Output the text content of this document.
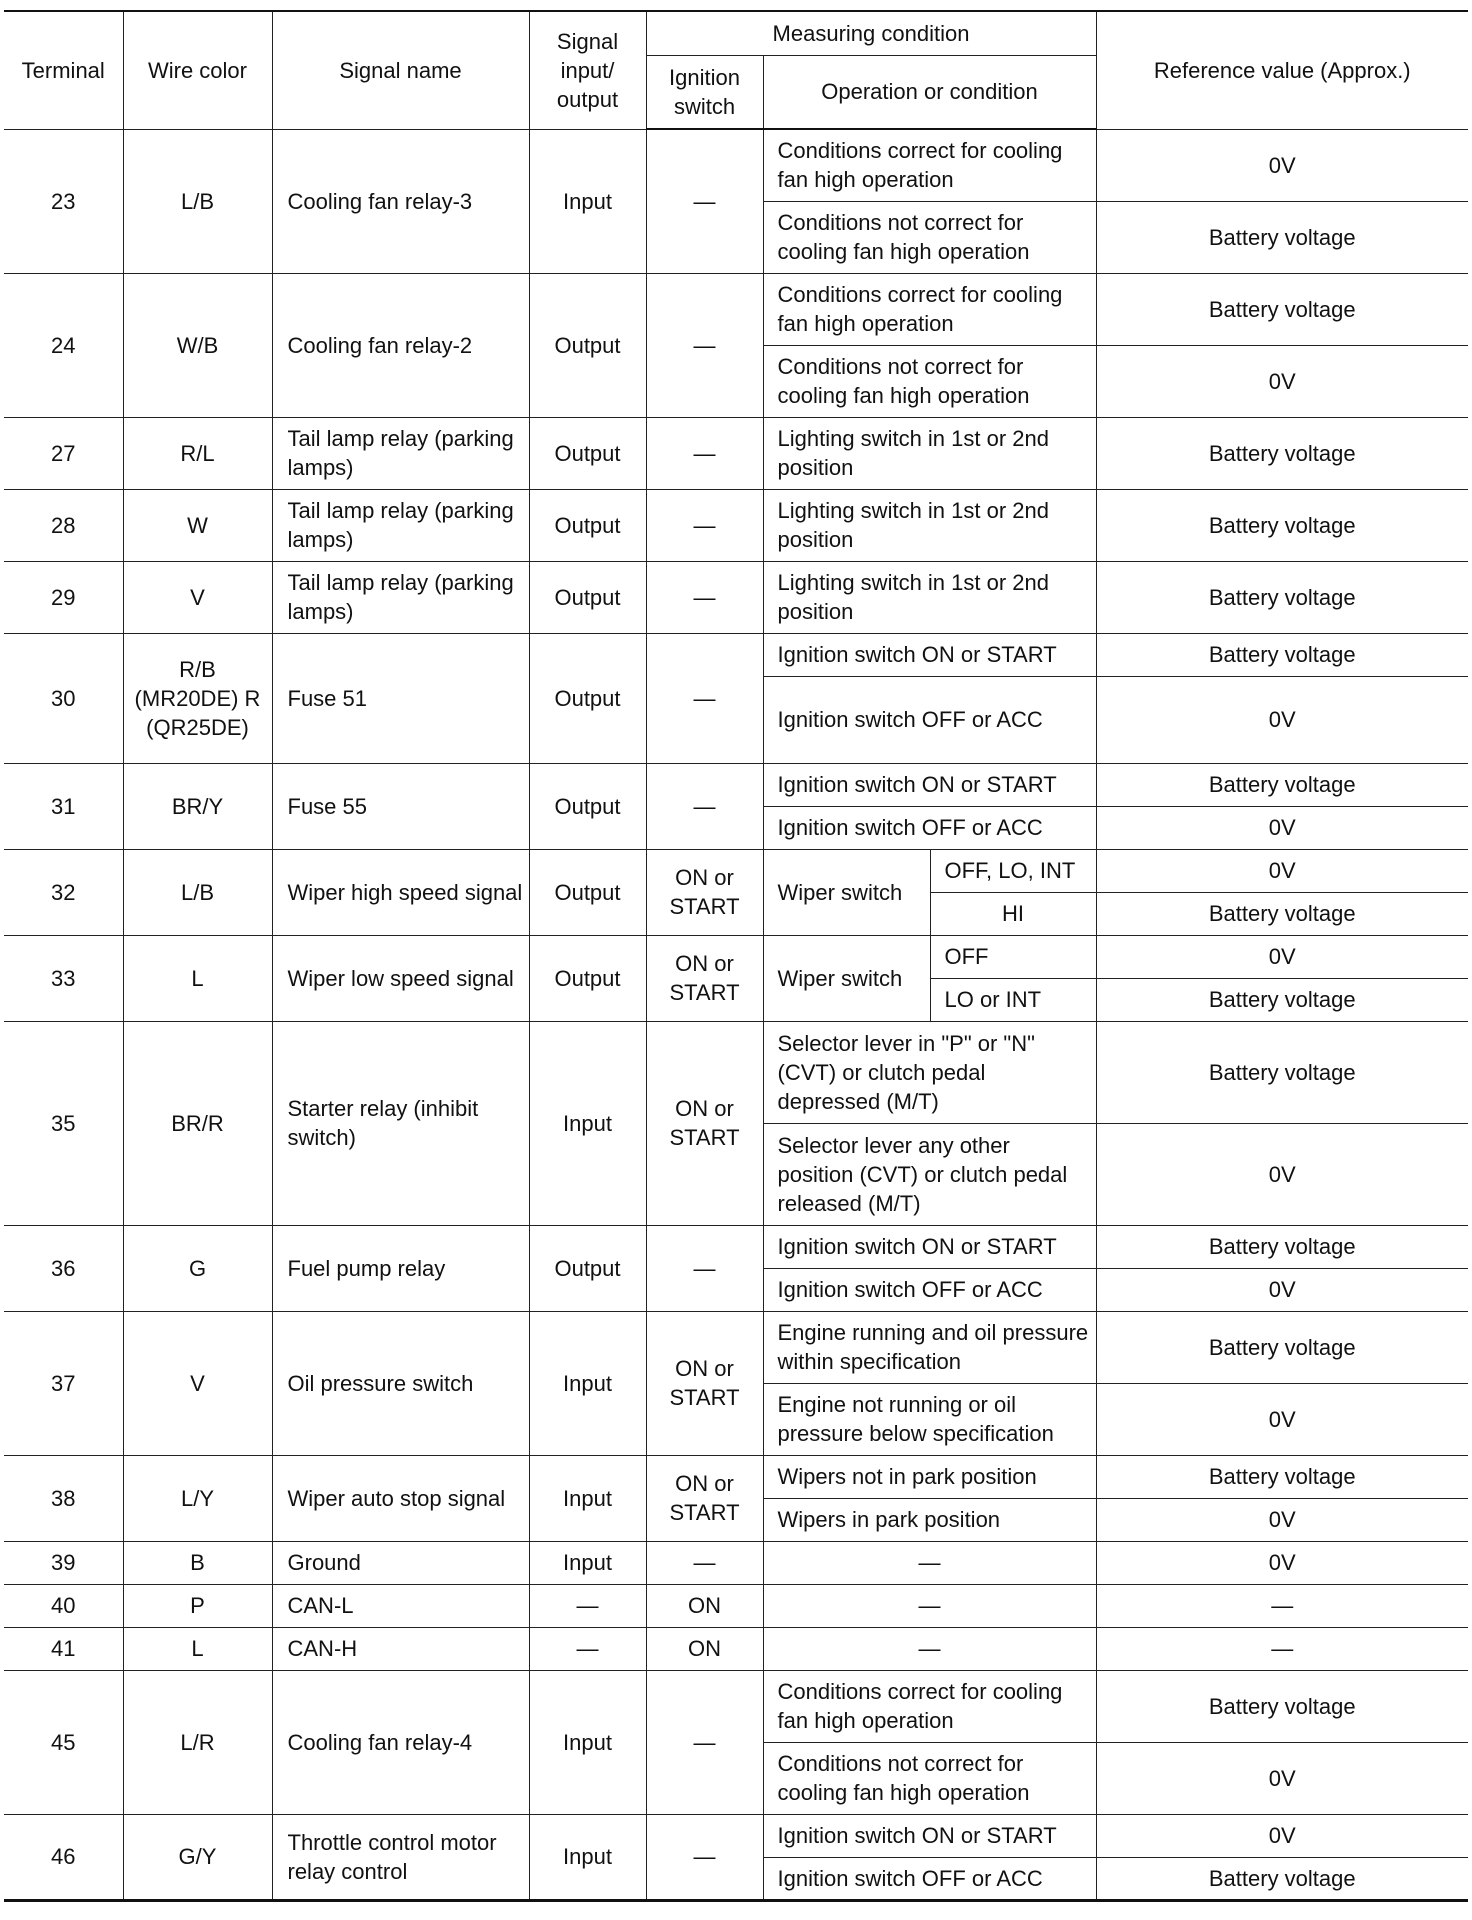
Terminal	Wire color	Signal name	Signal input/ output	Measuring condition			Reference value (Approx.)
				Ignition switch	Operation or condition		
23	L/B	Cooling fan relay-3	Input	—	Conditions correct for cooling fan high operation		0V
					Conditions not correct for cooling fan high operation		Battery voltage
24	W/B	Cooling fan relay-2	Output	—	Conditions correct for cooling fan high operation		Battery voltage
					Conditions not correct for cooling fan high operation		0V
27	R/L	Tail lamp relay (parking lamps)	Output	—	Lighting switch in 1st or 2nd position		Battery voltage
28	W	Tail lamp relay (parking lamps)	Output	—	Lighting switch in 1st or 2nd position		Battery voltage
29	V	Tail lamp relay (parking lamps)	Output	—	Lighting switch in 1st or 2nd position		Battery voltage
30	R/B (MR20DE) R (QR25DE)	Fuse 51	Output	—	Ignition switch ON or START		Battery voltage
					Ignition switch OFF or ACC		0V
31	BR/Y	Fuse 55	Output	—	Ignition switch ON or START		Battery voltage
					Ignition switch OFF or ACC		0V
32	L/B	Wiper high speed signal	Output	ON or START	Wiper switch	OFF, LO, INT	0V
						HI	Battery voltage
33	L	Wiper low speed signal	Output	ON or START	Wiper switch	OFF	0V
						LO or INT	Battery voltage
35	BR/R	Starter relay (inhibit switch)	Input	ON or START	Selector lever in "P" or "N" (CVT) or clutch pedal depressed (M/T)		Battery voltage
					Selector lever any other position (CVT) or clutch pedal released (M/T)		0V
36	G	Fuel pump relay	Output	—	Ignition switch ON or START		Battery voltage
					Ignition switch OFF or ACC		0V
37	V	Oil pressure switch	Input	ON or START	Engine running and oil pressure within specification		Battery voltage
					Engine not running or oil pressure below specification		0V
38	L/Y	Wiper auto stop signal	Input	ON or START	Wipers not in park position		Battery voltage
					Wipers in park position		0V
39	B	Ground	Input	—	—		0V
40	P	CAN-L	—	ON	—		—
41	L	CAN-H	—	ON	—		—
45	L/R	Cooling fan relay-4	Input	—	Conditions correct for cooling fan high operation		Battery voltage
					Conditions not correct for cooling fan high operation		0V
46	G/Y	Throttle control motor relay control	Input	—	Ignition switch ON or START		0V
					Ignition switch OFF or ACC		Battery voltage
